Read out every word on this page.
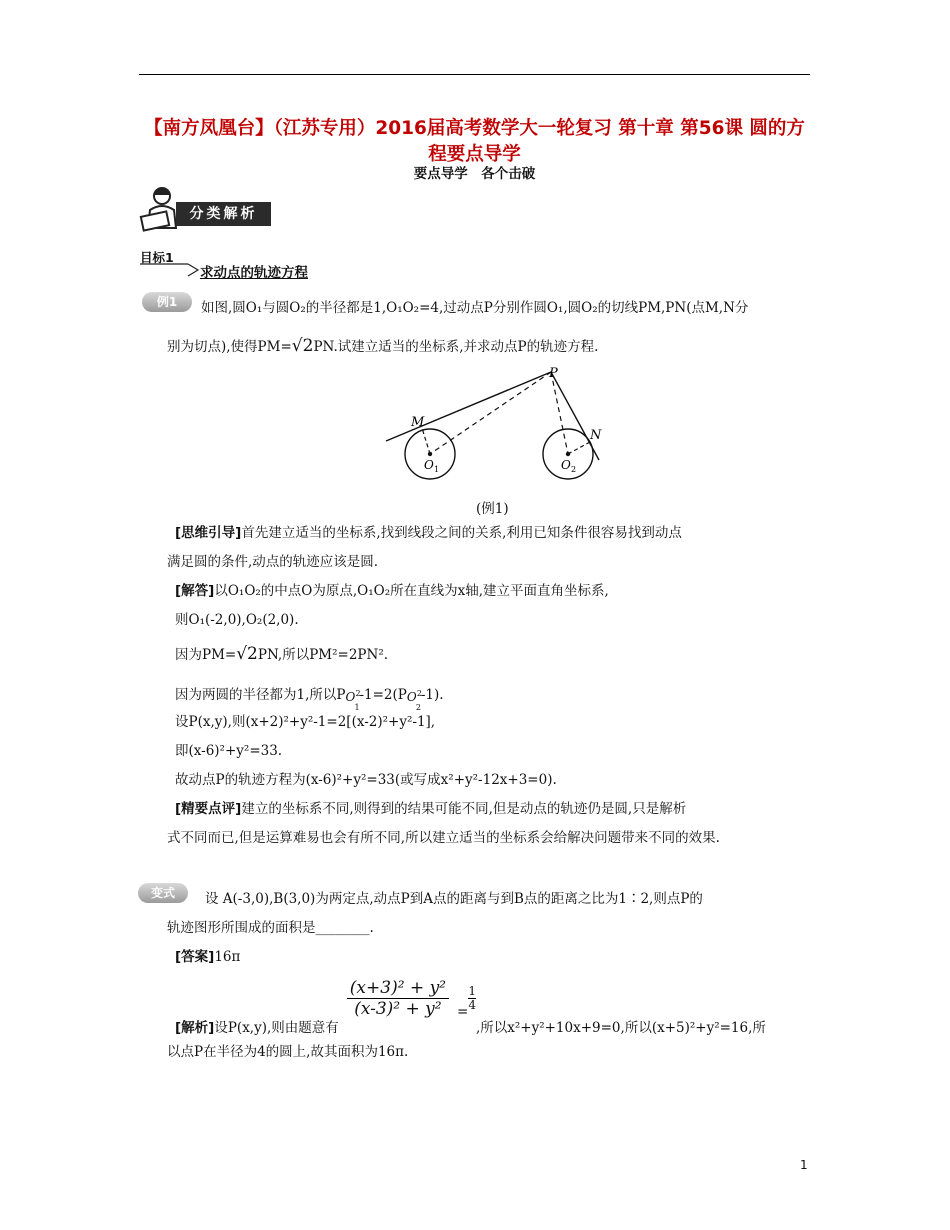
【南方凤凰台】（江苏专用）2016届高考数学大一轮复习 第十章 第56课 圆的方程要点导学
要点导学　各个击破
分类解析
目标1
求动点的轨迹方程
例1	如图,圆O₁与圆O₂的半径都是1,O₁O₂=4,过动点P分别作圆O₁,圆O₂的切线PM,PN(点M,N分
别为切点),使得PM=√2PN.试建立适当的坐标系,并求动点P的轨迹方程.
P
M
N
O 1	O 2
(例1)
[思维引导]首先建立适当的坐标系,找到线段之间的关系,利用已知条件很容易找到动点
满足圆的条件,动点的轨迹应该是圆.
[解答]以O₁O₂的中点O为原点,O₁O₂所在直线为x轴,建立平面直角坐标系,
则O₁(-2,0),O₂(2,0).
因为PM=√2PN,所以PM²=2PN².
因为两圆的半径都为1,所以P O 2
1
-1=2(P O 2
2
-1).
设P(x,y),则(x+2)²+y²-1=2[(x-2)²+y²-1],
即(x-6)²+y²=33.
故动点P的轨迹方程为(x-6)²+y²=33(或写成x²+y²-12x+3=0).
[精要点评]建立的坐标系不同,则得到的结果可能不同,但是动点的轨迹仍是圆,只是解析
式不同而已,但是运算难易也会有所不同,所以建立适当的坐标系会给解决问题带来不同的效果.
变式	设 A(-3,0),B(3,0)为两定点,动点P到A点的距离与到B点的距离之比为1∶2,则点P的
轨迹图形所围成的面积是________.
[答案]16π
[解析]设P(x,y),则由题意有
$\frac{\text{(x+3)² + y²}}{\text{(x-3)² + y²}} = \frac{1}{4}$
,所以x²+y²+10x+9=0,所以(x+5)²+y²=16,所
以点P在半径为4的圆上,故其面积为16π.
1
